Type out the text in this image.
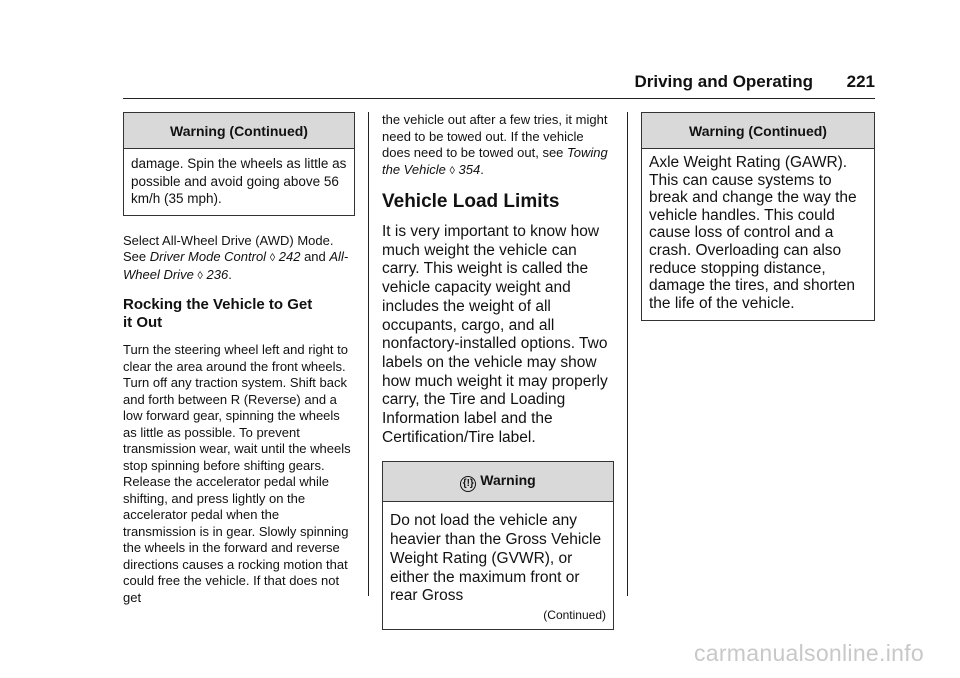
Driving and Operating 221
Warning (Continued)
damage. Spin the wheels as little as possible and avoid going above 56 km/h (35 mph).

Select All-Wheel Drive (AWD) Mode. See Driver Mode Control ◊ 242 and All-Wheel Drive ◊ 236.

Rocking the Vehicle to Get it Out

Turn the steering wheel left and right to clear the area around the front wheels. Turn off any traction system. Shift back and forth between R (Reverse) and a low forward gear, spinning the wheels as little as possible. To prevent transmission wear, wait until the wheels stop spinning before shifting gears. Release the accelerator pedal while shifting, and press lightly on the accelerator pedal when the transmission is in gear. Slowly spinning the wheels in the forward and reverse directions causes a rocking motion that could free the vehicle. If that does not get

the vehicle out after a few tries, it might need to be towed out. If the vehicle does need to be towed out, see Towing the Vehicle ◊ 354.

Vehicle Load Limits

It is very important to know how much weight the vehicle can carry. This weight is called the vehicle capacity weight and includes the weight of all occupants, cargo, and all nonfactory-installed options. Two labels on the vehicle may show how much weight it may properly carry, the Tire and Loading Information label and the Certification/Tire label.

{!} Warning

Do not load the vehicle any heavier than the Gross Vehicle Weight Rating (GVWR), or either the maximum front or rear Gross

(Continued)
Warning (Continued)
Axle Weight Rating (GAWR). This can cause systems to break and change the way the vehicle handles. This could cause loss of control and a crash. Overloading can also reduce stopping distance, damage the tires, and shorten the life of the vehicle.
carmanualsonline.info
